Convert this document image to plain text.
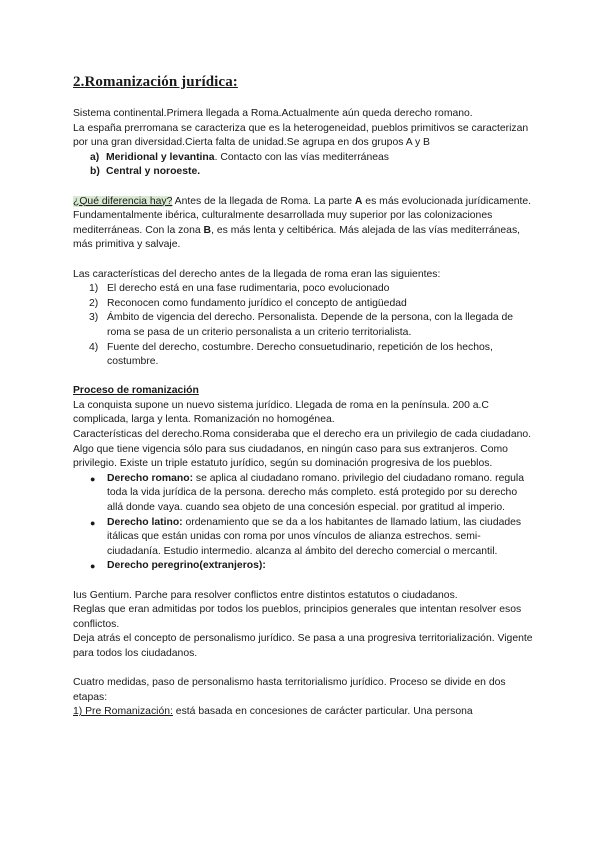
2.Romanización jurídica:

Sistema continental.Primera llegada a Roma.Actualmente aún queda derecho romano.

La españa prerromana se caracteriza que es la heterogeneidad, pueblos primitivos se caracterizan por una gran diversidad.Cierta falta de unidad.Se agrupa en dos grupos A y B

a) Meridional y levantina. Contacto con las vías mediterráneas
b) Central y noroeste.

¿Qué diferencia hay? Antes de la llegada de Roma. La parte A es más evolucionada jurídicamente. Fundamentalmente ibérica, culturalmente desarrollada muy superior por las colonizaciones mediterráneas. Con la zona B, es más lenta y celtibérica. Más alejada de las vías mediterráneas, más primitiva y salvaje.

Las características del derecho antes de la llegada de roma eran las siguientes:

1) El derecho está en una fase rudimentaria, poco evolucionado
2) Reconocen como fundamento jurídico el concepto de antigüedad
3) Ámbito de vigencia del derecho. Personalista. Depende de la persona, con la llegada de roma se pasa de un criterio personalista a un criterio territorialista.
4) Fuente del derecho, costumbre. Derecho consuetudinario, repetición de los hechos, costumbre.

Proceso de romanización

La conquista supone un nuevo sistema jurídico. Llegada de roma en la península. 200 a.C complicada, larga y lenta. Romanización no homogénea.

Características del derecho.Roma consideraba que el derecho era un privilegio de cada ciudadano. Algo que tiene vigencia sólo para sus ciudadanos, en ningún caso para sus extranjeros. Como privilegio. Existe un triple estatuto jurídico, según su dominación progresiva de los pueblos.

● Derecho romano: se aplica al ciudadano romano. privilegio del ciudadano romano. regula toda la vida jurídica de la persona. derecho más completo. está protegido por su derecho allá donde vaya. cuando sea objeto de una concesión especial. por gratitud al imperio.
● Derecho latino: ordenamiento que se da a los habitantes de llamado latium, las ciudades itálicas que están unidas con roma por unos vínculos de alianza estrechos. semi-ciudadanía. Estudio intermedio. alcanza al ámbito del derecho comercial o mercantil.
● Derecho peregrino(extranjeros):

Ius Gentium. Parche para resolver conflictos entre distintos estatutos o ciudadanos.

Reglas que eran admitidas por todos los pueblos, principios generales que intentan resolver esos conflictos.

Deja atrás el concepto de personalismo jurídico. Se pasa a una progresiva territorialización. Vigente para todos los ciudadanos.

Cuatro medidas, paso de personalismo hasta territorialismo jurídico. Proceso se divide en dos etapas:

1) Pre Romanización: está basada en concesiones de carácter particular. Una persona
